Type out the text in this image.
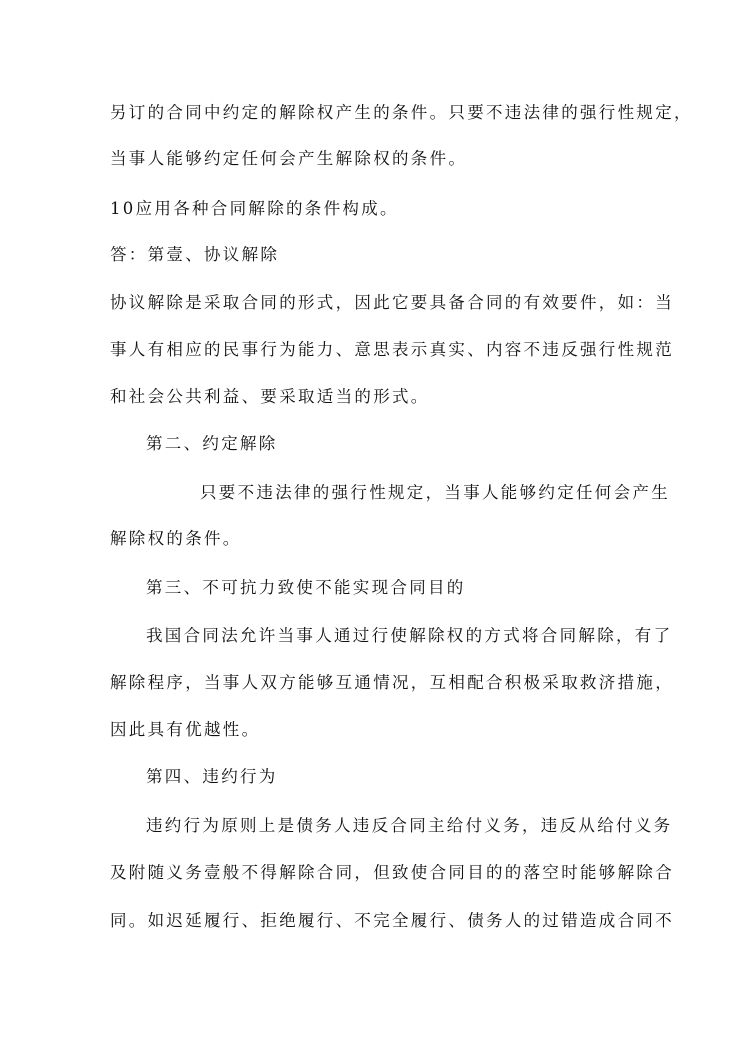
另订的合同中约定的解除权产生的条件。只要不违法律的强行性规定，
当事人能够约定任何会产生解除权的条件。
10应用各种合同解除的条件构成。
答：第壹、协议解除
协议解除是采取合同的形式，因此它要具备合同的有效要件，如：当
事人有相应的民事行为能力、意思表示真实、内容不违反强行性规范
和社会公共利益、要采取适当的形式。
第二、约定解除
只要不违法律的强行性规定，当事人能够约定任何会产生
解除权的条件。
第三、不可抗力致使不能实现合同目的
我国合同法允许当事人通过行使解除权的方式将合同解除，有了
解除程序，当事人双方能够互通情况，互相配合积极采取救济措施，
因此具有优越性。
第四、违约行为
违约行为原则上是债务人违反合同主给付义务，违反从给付义务
及附随义务壹般不得解除合同，但致使合同目的的落空时能够解除合
同。如迟延履行、拒绝履行、不完全履行、债务人的过错造成合同不
